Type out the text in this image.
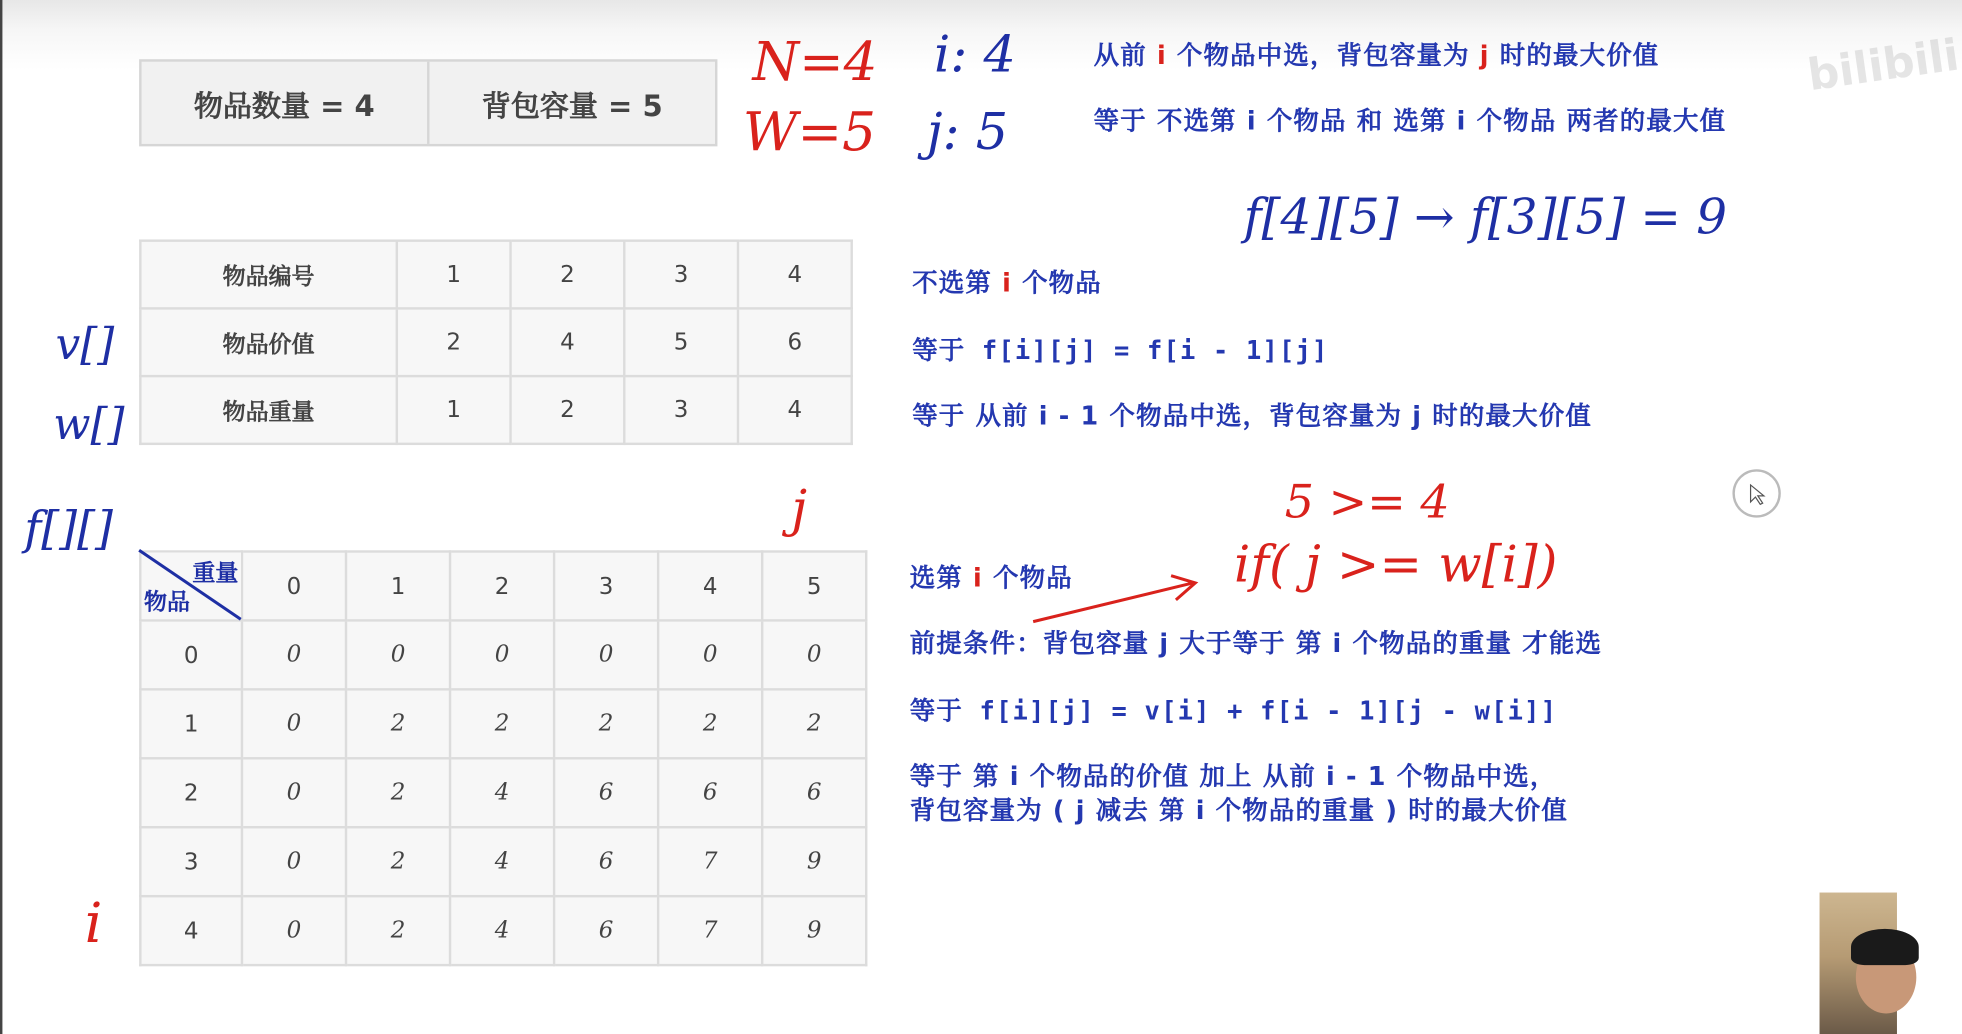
物品数量 = 4	背包容量 = 5
物品编号	1	2	3	4
物品价值	2	4	5	6
物品重量	1	2	3	4
重量
物品	0	1	2	3	4	5
0	0	0	0	0	0	0
1	0	2	2	2	2	2
2	0	2	4	6	6	6
3	0	2	4	6	7	9
4	0	2	4	6	7	9
N=4
W=5
i: 4
j: 5
f[4][5] → f[3][5] = 9
v[]
w[]
f[][]	j
i
5 >= 4
if( j >= w[i])
从前 i 个物品中选，背包容量为 j 时的最大价值
等于 不选第 i 个物品 和 选第 i 个物品 两者的最大值
不选第 i 个物品
等于 f[i][j] = f[i - 1][j]
等于 从前 i - 1 个物品中选，背包容量为 j 时的最大价值
选第 i 个物品
前提条件：背包容量 j 大于等于 第 i 个物品的重量 才能选
等于 f[i][j] = v[i] + f[i - 1][j - w[i]]
等于 第 i 个物品的价值 加上 从前 i - 1 个物品中选，
背包容量为 ( j 减去 第 i 个物品的重量 ) 时的最大价值
bilibili
